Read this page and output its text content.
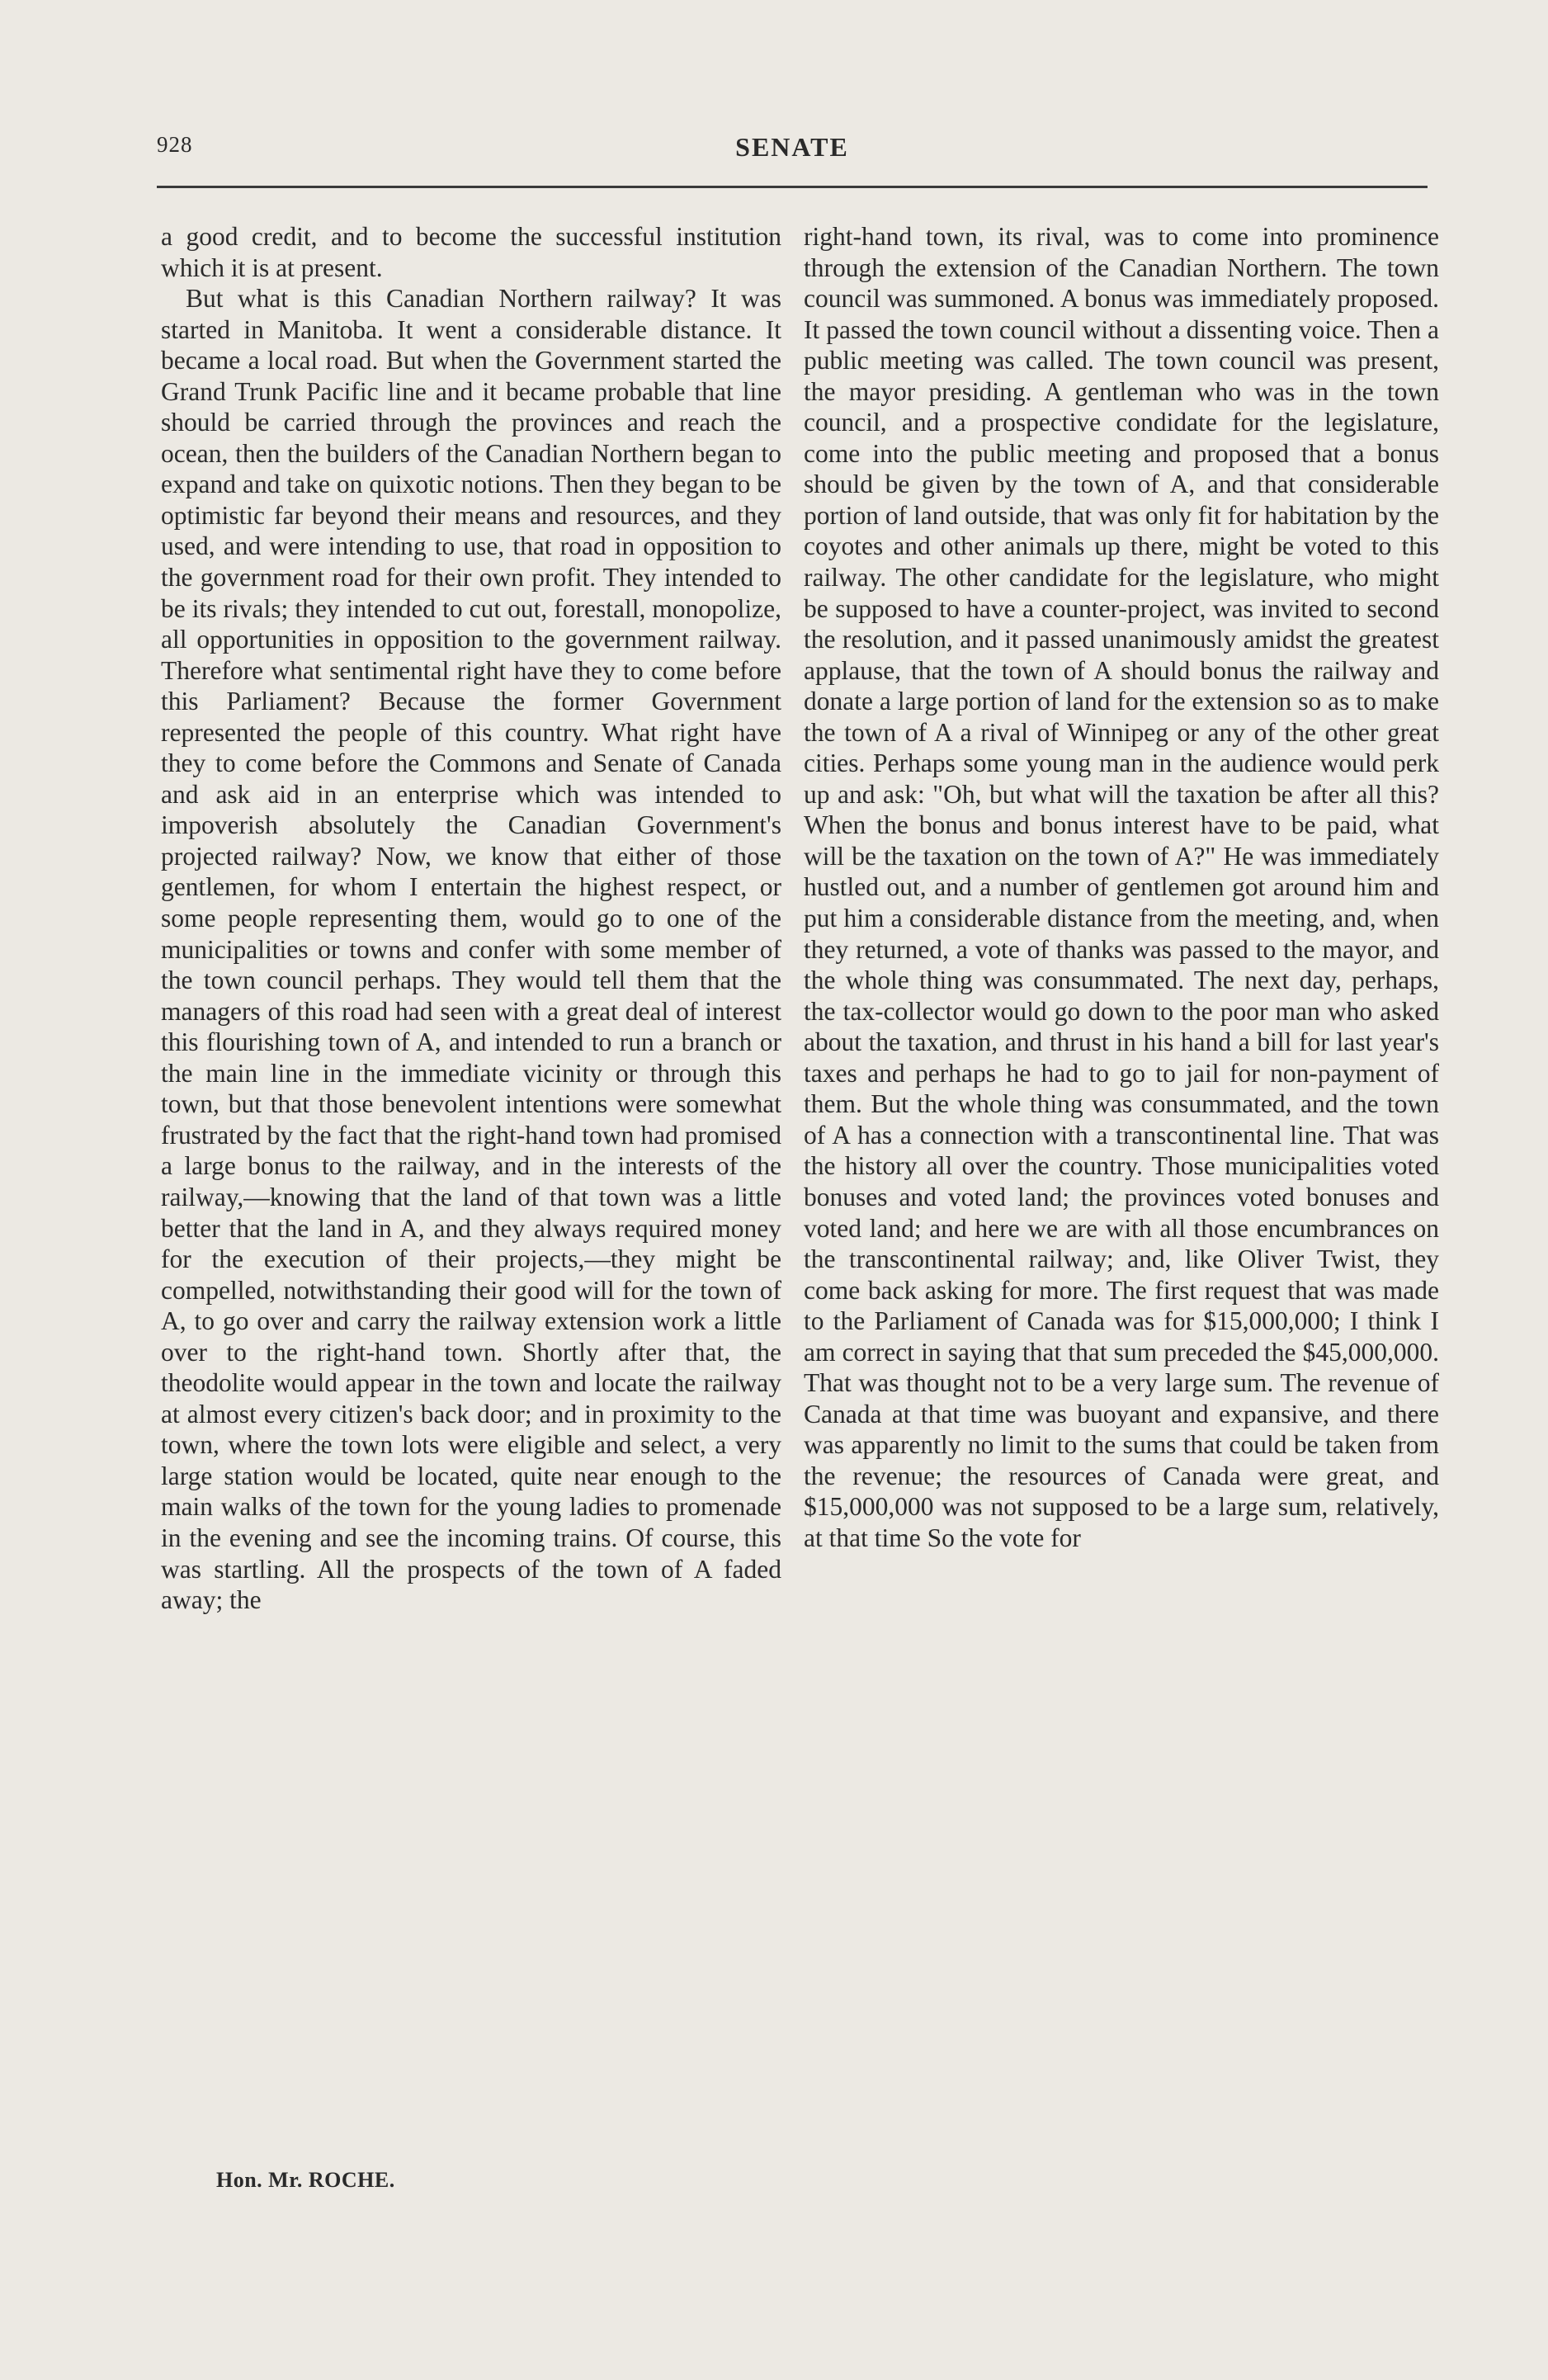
928	SENATE

a good credit, and to become the successful institution which it is at present.

But what is this Canadian Northern railway? It was started in Manitoba. It went a considerable distance. It became a local road. But when the Government started the Grand Trunk Pacific line and it became probable that line should be carried through the provinces and reach the ocean, then the builders of the Canadian Northern began to expand and take on quixotic notions. Then they began to be optimistic far beyond their means and resources, and they used, and were intending to use, that road in opposition to the government road for their own profit. They intended to be its rivals; they intended to cut out, forestall, monopolize, all opportunities in opposition to the government railway. Therefore what sentimental right have they to come before this Parliament? Because the former Government represented the people of this country. What right have they to come before the Commons and Senate of Canada and ask aid in an enterprise which was intended to impoverish absolutely the Canadian Government's projected railway? Now, we know that either of those gentlemen, for whom I entertain the highest respect, or some people representing them, would go to one of the municipalities or towns and confer with some member of the town council perhaps. They would tell them that the managers of this road had seen with a great deal of interest this flourishing town of A, and intended to run a branch or the main line in the immediate vicinity or through this town, but that those benevolent intentions were somewhat frustrated by the fact that the right-hand town had promised a large bonus to the railway, and in the interests of the railway,—knowing that the land of that town was a little better that the land in A, and they always required money for the execution of their projects,—they might be compelled, notwithstanding their good will for the town of A, to go over and carry the railway extension work a little over to the right-hand town. Shortly after that, the theodolite would appear in the town and locate the railway at almost every citizen's back door; and in proximity to the town, where the town lots were eligible and select, a very large station would be located, quite near enough to the main walks of the town for the young ladies to promenade in the evening and see the incoming trains. Of course, this was startling. All the prospects of the town of A faded away; the

right-hand town, its rival, was to come into prominence through the extension of the Canadian Northern. The town council was summoned. A bonus was immediately proposed. It passed the town council without a dissenting voice. Then a public meeting was called. The town council was present, the mayor presiding. A gentleman who was in the town council, and a prospective condidate for the legislature, come into the public meeting and proposed that a bonus should be given by the town of A, and that considerable portion of land outside, that was only fit for habitation by the coyotes and other animals up there, might be voted to this railway. The other candidate for the legislature, who might be supposed to have a counter-project, was invited to second the resolution, and it passed unanimously amidst the greatest applause, that the town of A should bonus the railway and donate a large portion of land for the extension so as to make the town of A a rival of Winnipeg or any of the other great cities. Perhaps some young man in the audience would perk up and ask: "Oh, but what will the taxation be after all this? When the bonus and bonus interest have to be paid, what will be the taxation on the town of A?" He was immediately hustled out, and a number of gentlemen got around him and put him a considerable distance from the meeting, and, when they returned, a vote of thanks was passed to the mayor, and the whole thing was consummated. The next day, perhaps, the tax-collector would go down to the poor man who asked about the taxation, and thrust in his hand a bill for last year's taxes and perhaps he had to go to jail for non-payment of them. But the whole thing was consummated, and the town of A has a connection with a transcontinental line. That was the history all over the country. Those municipalities voted bonuses and voted land; the provinces voted bonuses and voted land; and here we are with all those encumbrances on the transcontinental railway; and, like Oliver Twist, they come back asking for more. The first request that was made to the Parliament of Canada was for $15,000,000; I think I am correct in saying that that sum preceded the $45,000,000. That was thought not to be a very large sum. The revenue of Canada at that time was buoyant and expansive, and there was apparently no limit to the sums that could be taken from the revenue; the resources of Canada were great, and $15,000,000 was not supposed to be a large sum, relatively, at that time So the vote for

Hon. Mr. ROCHE.
